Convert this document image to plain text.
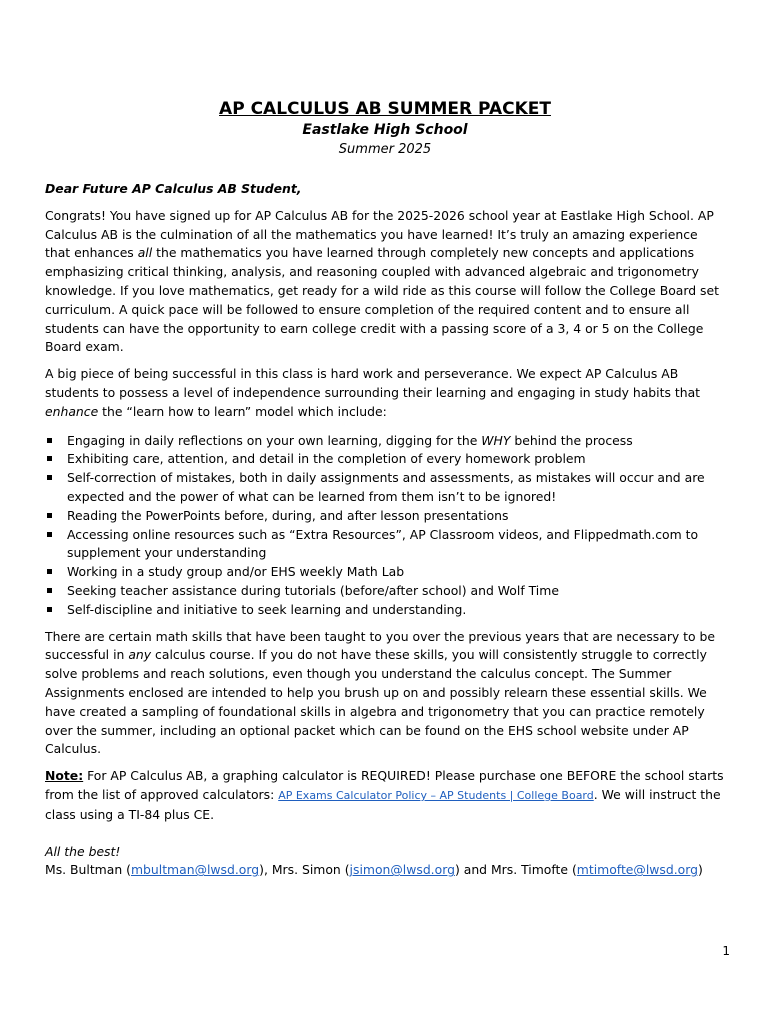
AP CALCULUS AB SUMMER PACKET
Eastlake High School
Summer 2025

Dear Future AP Calculus AB Student,

Congrats! You have signed up for AP Calculus AB for the 2025-2026 school year at Eastlake High School. AP Calculus AB is the culmination of all the mathematics you have learned! It’s truly an amazing experience that enhances all the mathematics you have learned through completely new concepts and applications emphasizing critical thinking, analysis, and reasoning coupled with advanced algebraic and trigonometry knowledge. If you love mathematics, get ready for a wild ride as this course will follow the College Board set curriculum. A quick pace will be followed to ensure completion of the required content and to ensure all students can have the opportunity to earn college credit with a passing score of a 3, 4 or 5 on the College Board exam.

A big piece of being successful in this class is hard work and perseverance. We expect AP Calculus AB students to possess a level of independence surrounding their learning and engaging in study habits that enhance the “learn how to learn” model which include:

Engaging in daily reflections on your own learning, digging for the WHY behind the process
Exhibiting care, attention, and detail in the completion of every homework problem
Self-correction of mistakes, both in daily assignments and assessments, as mistakes will occur and are expected and the power of what can be learned from them isn’t to be ignored!
Reading the PowerPoints before, during, and after lesson presentations
Accessing online resources such as “Extra Resources”, AP Classroom videos, and Flippedmath.com to supplement your understanding
Working in a study group and/or EHS weekly Math Lab
Seeking teacher assistance during tutorials (before/after school) and Wolf Time
Self-discipline and initiative to seek learning and understanding.

There are certain math skills that have been taught to you over the previous years that are necessary to be successful in any calculus course. If you do not have these skills, you will consistently struggle to correctly solve problems and reach solutions, even though you understand the calculus concept. The Summer Assignments enclosed are intended to help you brush up on and possibly relearn these essential skills. We have created a sampling of foundational skills in algebra and trigonometry that you can practice remotely over the summer, including an optional packet which can be found on the EHS school website under AP Calculus.

Note: For AP Calculus AB, a graphing calculator is REQUIRED! Please purchase one BEFORE the school starts from the list of approved calculators: AP Exams Calculator Policy – AP Students | College Board. We will instruct the class using a TI-84 plus CE.

All the best!

Ms. Bultman (mbultman@lwsd.org), Mrs. Simon (jsimon@lwsd.org) and Mrs. Timofte (mtimofte@lwsd.org)

1
